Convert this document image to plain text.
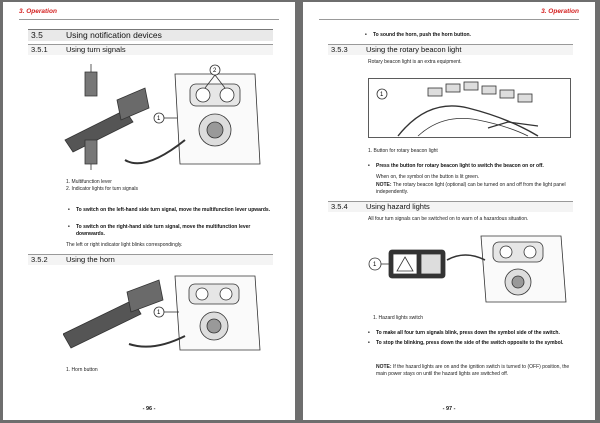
3. Operation
3.5	Using notification devices
3.5.1 Using turn signals
1
2
1. Multifunction lever
2. Indicator lights for turn signals
• To switch on the left-hand side turn signal, move the multifunction lever upwards.
• To switch on the right-hand side turn signal, move the multifunction lever downwards.
The left or right indicator light blinks correspondingly.
3.5.2 Using the horn
1
1. Horn button
- 96 -
3. Operation
• To sound the horn, push the horn button.
3.5.3 Using the rotary beacon light
Rotary beacon light is an extra equipment.
1
1. Button for rotary beacon light
• Press the button for rotary beacon light to switch the beacon on or off.
When on, the symbol on the button is lit green.
NOTE: The rotary beacon light (optional) can be turned on and off from the light panel independently.
3.5.4 Using hazard lights
All four turn signals can be switched on to warn of a hazardous situation.
1
1. Hazard lights switch
• To make all four turn signals blink, press down the symbol side of the switch.
• To stop the blinking, press down the side of the switch opposite to the symbol.
NOTE: If the hazard lights are on and the ignition switch is turned to (OFF) position, the main power stays on until the hazard lights are switched off.
- 97 -
